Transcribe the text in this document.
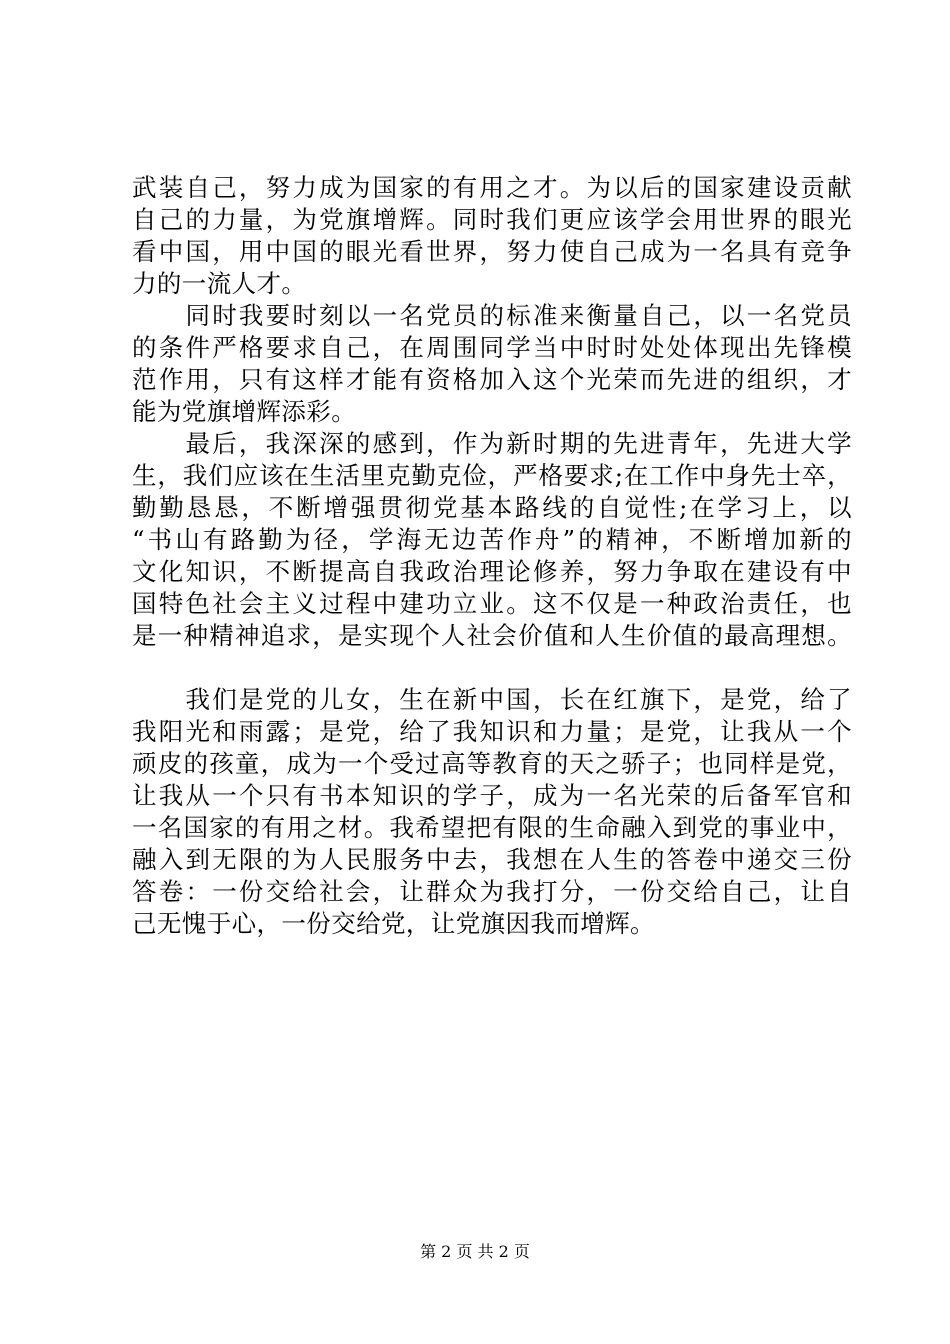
武装自己，努力成为国家的有用之才。为以后的国家建设贡献
自己的力量，为党旗增辉。同时我们更应该学会用世界的眼光
看中国，用中国的眼光看世界，努力使自己成为一名具有竞争
力的一流人才。
　　同时我要时刻以一名党员的标准来衡量自己，以一名党员
的条件严格要求自己，在周围同学当中时时处处体现出先锋模
范作用，只有这样才能有资格加入这个光荣而先进的组织，才
能为党旗增辉添彩。
　　最后，我深深的感到，作为新时期的先进青年，先进大学
生，我们应该在生活里克勤克俭，严格要求;在工作中身先士卒，
勤勤恳恳，不断增强贯彻党基本路线的自觉性;在学习上，以
“书山有路勤为径，学海无边苦作舟”的精神，不断增加新的
文化知识，不断提高自我政治理论修养，努力争取在建设有中
国特色社会主义过程中建功立业。这不仅是一种政治责任，也
是一种精神追求，是实现个人社会价值和人生价值的最高理想。
　　我们是党的儿女，生在新中国，长在红旗下，是党，给了
我阳光和雨露；是党，给了我知识和力量；是党，让我从一个
顽皮的孩童，成为一个受过高等教育的天之骄子；也同样是党，
让我从一个只有书本知识的学子，成为一名光荣的后备军官和
一名国家的有用之材。我希望把有限的生命融入到党的事业中，
融入到无限的为人民服务中去，我想在人生的答卷中递交三份
答卷：一份交给社会，让群众为我打分，一份交给自己，让自
己无愧于心，一份交给党，让党旗因我而增辉。
第 2 页 共 2 页
